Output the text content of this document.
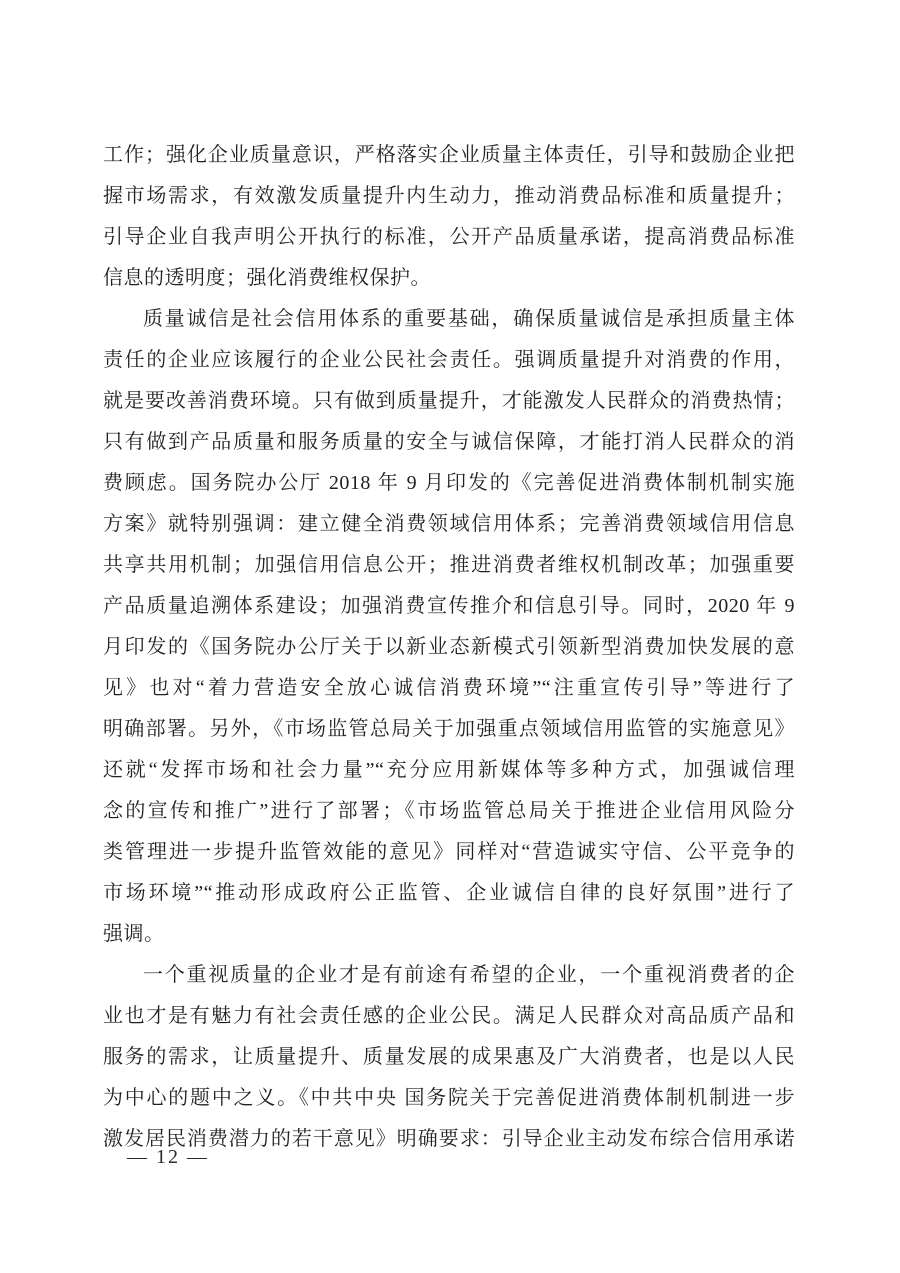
工作；强化企业质量意识，严格落实企业质量主体责任，引导和鼓励企业把
握市场需求，有效激发质量提升内生动力，推动消费品标准和质量提升；
引导企业自我声明公开执行的标准，公开产品质量承诺，提高消费品标准
信息的透明度；强化消费维权保护。
质量诚信是社会信用体系的重要基础，确保质量诚信是承担质量主体
责任的企业应该履行的企业公民社会责任。强调质量提升对消费的作用，
就是要改善消费环境。只有做到质量提升，才能激发人民群众的消费热情；
只有做到产品质量和服务质量的安全与诚信保障，才能打消人民群众的消
费顾虑。国务院办公厅 2018 年 9 月印发的《完善促进消费体制机制实施
方案》就特别强调：建立健全消费领域信用体系；完善消费领域信用信息
共享共用机制；加强信用信息公开；推进消费者维权机制改革；加强重要
产品质量追溯体系建设；加强消费宣传推介和信息引导。同时，2020 年 9
月印发的《国务院办公厅关于以新业态新模式引领新型消费加快发展的意
见》也对“着力营造安全放心诚信消费环境”“注重宣传引导”等进行了
明确部署。另外，《市场监管总局关于加强重点领域信用监管的实施意见》
还就“发挥市场和社会力量”“充分应用新媒体等多种方式，加强诚信理
念的宣传和推广”进行了部署；《市场监管总局关于推进企业信用风险分
类管理进一步提升监管效能的意见》同样对“营造诚实守信、公平竞争的
市场环境”“推动形成政府公正监管、企业诚信自律的良好氛围”进行了
强调。
一个重视质量的企业才是有前途有希望的企业，一个重视消费者的企
业也才是有魅力有社会责任感的企业公民。满足人民群众对高品质产品和
服务的需求，让质量提升、质量发展的成果惠及广大消费者，也是以人民
为中心的题中之义。《中共中央 国务院关于完善促进消费体制机制进一步
激发居民消费潜力的若干意见》明确要求：引导企业主动发布综合信用承诺
— 12 —
